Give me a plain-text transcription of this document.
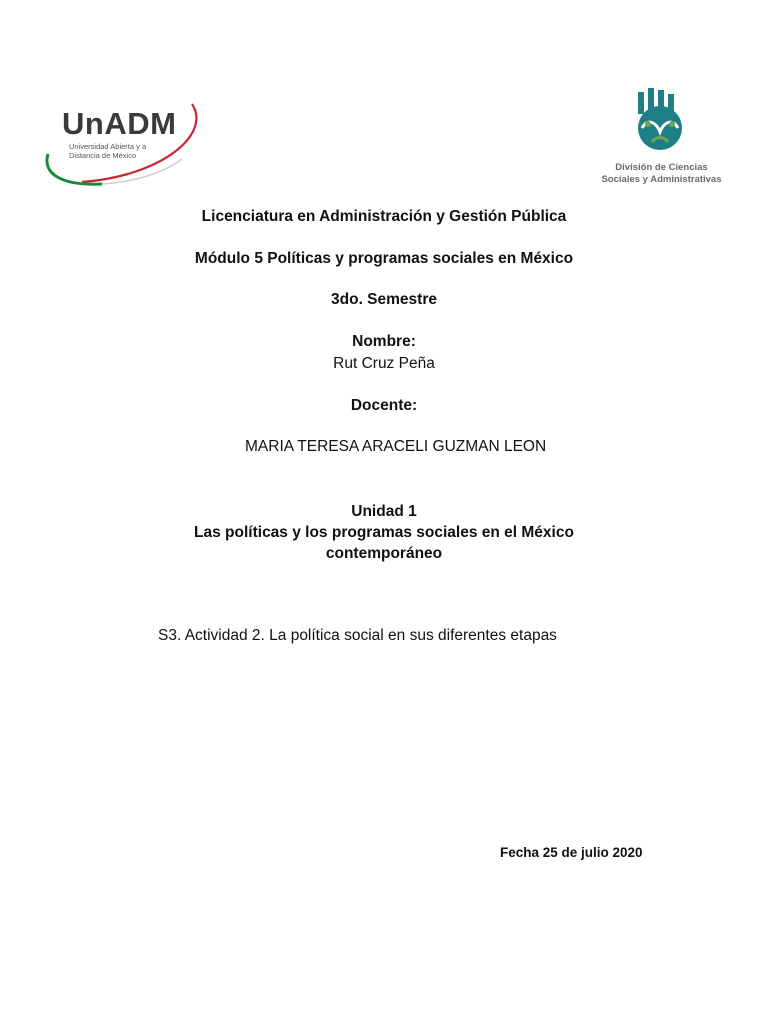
UnADM
Universidad Abierta y a
Distancia de México
División de Ciencias
Sociales y Administrativas
Licenciatura en Administración y Gestión Pública
Módulo 5 Políticas y programas sociales en México
3do. Semestre
Nombre:
Rut Cruz Peña
Docente:
MARIA TERESA ARACELI GUZMAN LEON
Unidad 1
Las políticas y los programas sociales en el México
contemporáneo
S3. Actividad 2. La política social en sus diferentes etapas
Fecha 25 de julio 2020
